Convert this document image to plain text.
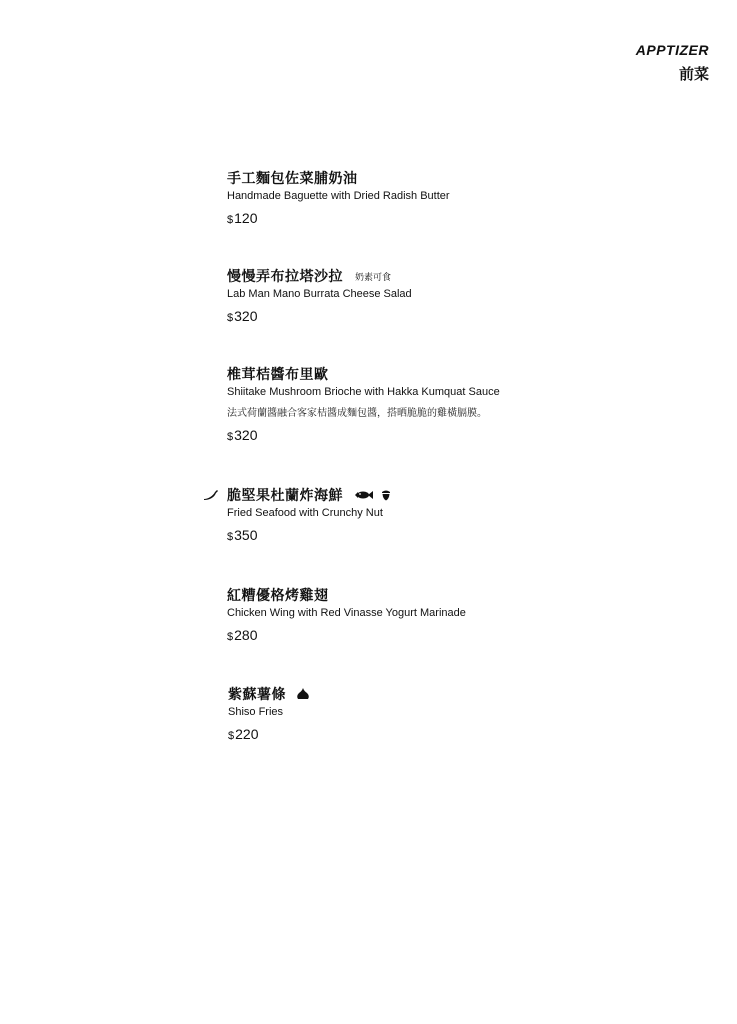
APPTIZER
前菜
手工麵包佐菜脯奶油
Handmade Baguette with Dried Radish Butter
$120
慢慢弄布拉塔沙拉 奶素可食
Lab Man Mano Burrata Cheese Salad
$320
椎茸桔醬布里歐
Shiitake Mushroom Brioche with Hakka Kumquat Sauce
法式荷蘭醬融合客家桔醬成麵包醬，搭晒脆脆的雞橫膈膜。
$320
脆堅果杜蘭炸海鮮
Fried Seafood with Crunchy Nut
$350
紅糟優格烤雞翅
Chicken Wing with Red Vinasse Yogurt Marinade
$280
紫蘇薯條
Shiso Fries
$220
